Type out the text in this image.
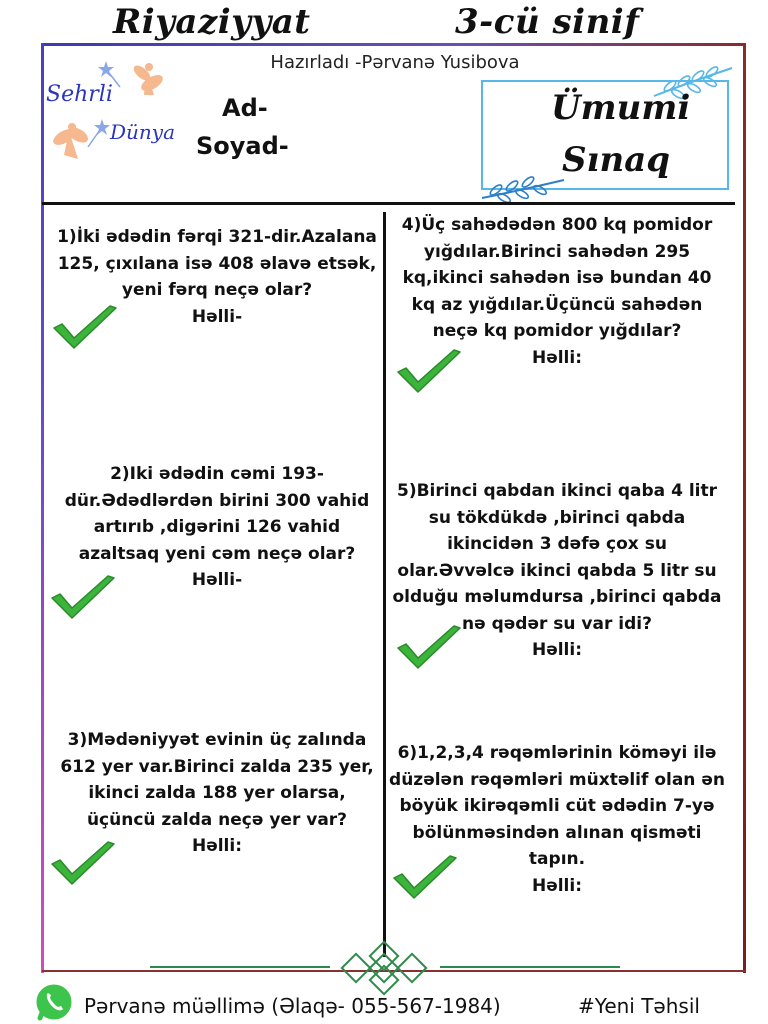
Riyaziyyat	3-cü sinif
Hazırladı -Pərvanə Yusibova
Sehrli
Dünya
Ad-
Soyad-
Ümumi
Sınaq
1)İki ədədin fərqi 321-dir.Azalana
125, çıxılana isə 408 əlavə etsək,
yeni fərq neçə olar?
Həlli-
2)Iki ədədin cəmi 193-
dür.Ədədlərdən birini 300 vahid
artırıb ,digərini 126 vahid
azaltsaq yeni cəm neçə olar?
Həlli-
3)Mədəniyyət evinin üç zalında
612 yer var.Birinci zalda 235 yer,
ikinci zalda 188 yer olarsa,
üçüncü zalda neçə yer var?
Həlli:
4)Üç sahədədən 800 kq pomidor
yığdılar.Birinci sahədən 295
kq,ikinci sahədən isə bundan 40
kq az yığdılar.Üçüncü sahədən
neçə kq pomidor yığdılar?
Həlli:
5)Birinci qabdan ikinci qaba 4 litr
su tökdükdə ,birinci qabda
ikincidən 3 dəfə çox su
olar.Əvvəlcə ikinci qabda 5 litr su
olduğu məlumdursa ,birinci qabda
nə qədər su var idi?
Həlli:
6)1,2,3,4 rəqəmlərinin köməyi ilə
düzələn rəqəmləri müxtəlif olan ən
böyük ikirəqəmli cüt ədədin 7-yə
bölünməsindən alınan qisməti
tapın.
Həlli:
Pərvanə müəllimə (Əlaqə- 055-567-1984)	#Yeni Təhsil
